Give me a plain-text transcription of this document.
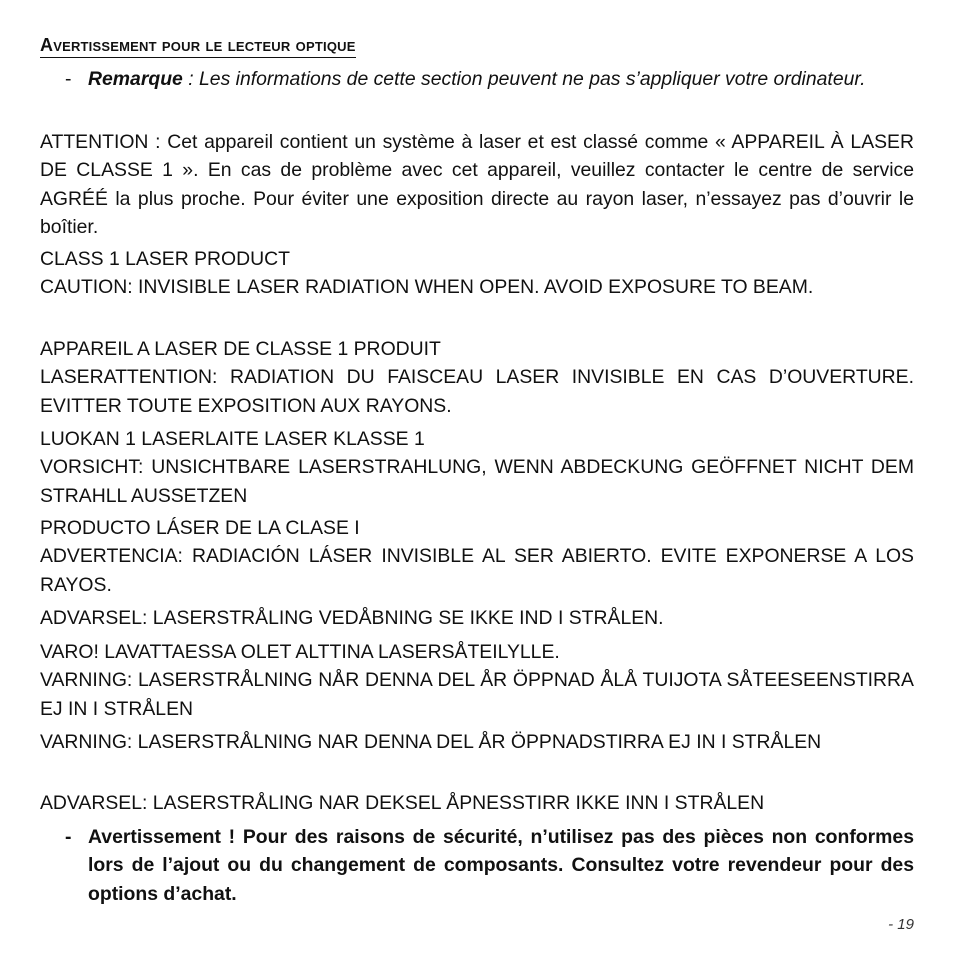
Avertissement pour le lecteur optique
- Remarque : Les informations de cette section peuvent ne pas s’appliquer votre ordinateur.

ATTENTION : Cet appareil contient un système à laser et est classé comme « APPAREIL À LASER DE CLASSE 1 ». En cas de problème avec cet appareil, veuillez contacter le centre de service AGRÉÉ la plus proche. Pour éviter une exposition directe au rayon laser, n’essayez pas d’ouvrir le boîtier.

CLASS 1 LASER PRODUCT

CAUTION: INVISIBLE LASER RADIATION WHEN OPEN. AVOID EXPOSURE TO BEAM.

APPAREIL A LASER DE CLASSE 1 PRODUIT

LASERATTENTION: RADIATION DU FAISCEAU LASER INVISIBLE EN CAS D’OUVERTURE. EVITTER TOUTE EXPOSITION AUX RAYONS.

LUOKAN 1 LASERLAITE LASER KLASSE 1

VORSICHT: UNSICHTBARE LASERSTRAHLUNG, WENN ABDECKUNG GEÖFFNET NICHT DEM STRAHLL AUSSETZEN

PRODUCTO LÁSER DE LA CLASE I

ADVERTENCIA: RADIACIÓN LÁSER INVISIBLE AL SER ABIERTO. EVITE EXPONERSE A LOS RAYOS.

ADVARSEL: LASERSTRÅLING VEDÅBNING SE IKKE IND I STRÅLEN.

VARO! LAVATTAESSA OLET ALTTINA LASERSÅTEILYLLE.

VARNING: LASERSTRÅLNING NÅR DENNA DEL ÅR ÖPPNAD ÅLÅ TUIJOTA SÅTEESEENSTIRRA EJ IN I STRÅLEN

VARNING: LASERSTRÅLNING NAR DENNA DEL ÅR ÖPPNADSTIRRA EJ IN I STRÅLEN

ADVARSEL: LASERSTRÅLING NAR DEKSEL ÅPNESSTIRR IKKE INN I STRÅLEN

- Avertissement ! Pour des raisons de sécurité, n’utilisez pas des pièces non conformes lors de l’ajout ou du changement de composants. Consultez votre revendeur pour des options d’achat.
- 19
